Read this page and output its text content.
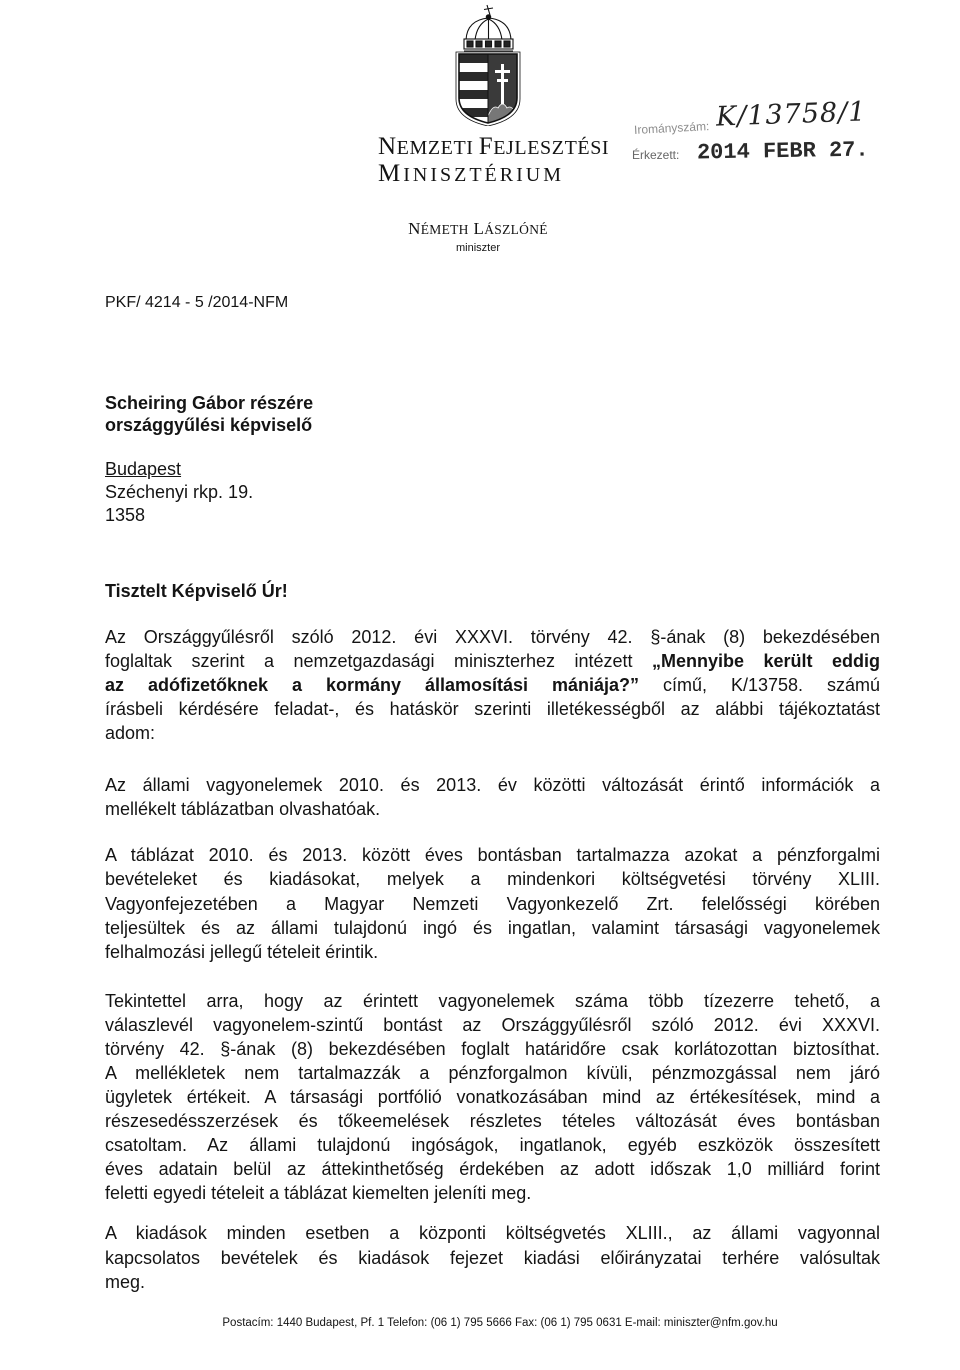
NEMZETI FEJLESZTÉSI
MINISZTÉRIUM
NÉMETH LÁSZLÓNÉ
miniszter
Irományszám: K/13758/1
Érkezett: 2014 FEBR 27.
PKF/ 4214 - 5 /2014-NFM
Scheiring Gábor részére
országgyűlési képviselő
Budapest
Széchenyi rkp. 19.
1358
Tisztelt Képviselő Úr!
Az Országgyűlésről szóló 2012. évi XXXVI. törvény 42. §-ának (8) bekezdésében
foglaltak szerint a nemzetgazdasági miniszterhez intézett „Mennyibe került eddig
az adófizetőknek a kormány államosítási mániája?” című, K/13758. számú
írásbeli kérdésére feladat-, és hatáskör szerinti illetékességből az alábbi tájékoztatást
adom:
Az állami vagyonelemek 2010. és 2013. év közötti változását érintő információk a
mellékelt táblázatban olvashatóak.
A táblázat 2010. és 2013. között éves bontásban tartalmazza azokat a pénzforgalmi
bevételeket és kiadásokat, melyek a mindenkori költségvetési törvény XLIII.
Vagyonfejezetében a Magyar Nemzeti Vagyonkezelő Zrt. felelősségi körében
teljesültek és az állami tulajdonú ingó és ingatlan, valamint társasági vagyonelemek
felhalmozási jellegű tételeit érintik.
Tekintettel arra, hogy az érintett vagyonelemek száma több tízezerre tehető, a
válaszlevél vagyonelem-szintű bontást az Országgyűlésről szóló 2012. évi XXXVI.
törvény 42. §-ának (8) bekezdésében foglalt határidőre csak korlátozottan biztosíthat.
A mellékletek nem tartalmazzák a pénzforgalmon kívüli, pénzmozgással nem járó
ügyletek értékeit. A társasági portfólió vonatkozásában mind az értékesítések, mind a
részesedésszerzések és tőkeemelések részletes tételes változását éves bontásban
csatoltam. Az állami tulajdonú ingóságok, ingatlanok, egyéb eszközök összesített
éves adatain belül az áttekinthetőség érdekében az adott időszak 1,0 milliárd forint
feletti egyedi tételeit a táblázat kiemelten jeleníti meg.
A kiadások minden esetben a központi költségvetés XLIII., az állami vagyonnal
kapcsolatos bevételek és kiadások fejezet kiadási előirányzatai terhére valósultak
meg.
Postacím: 1440 Budapest, Pf. 1 Telefon: (06 1) 795 5666 Fax: (06 1) 795 0631 E-mail: miniszter@nfm.gov.hu
